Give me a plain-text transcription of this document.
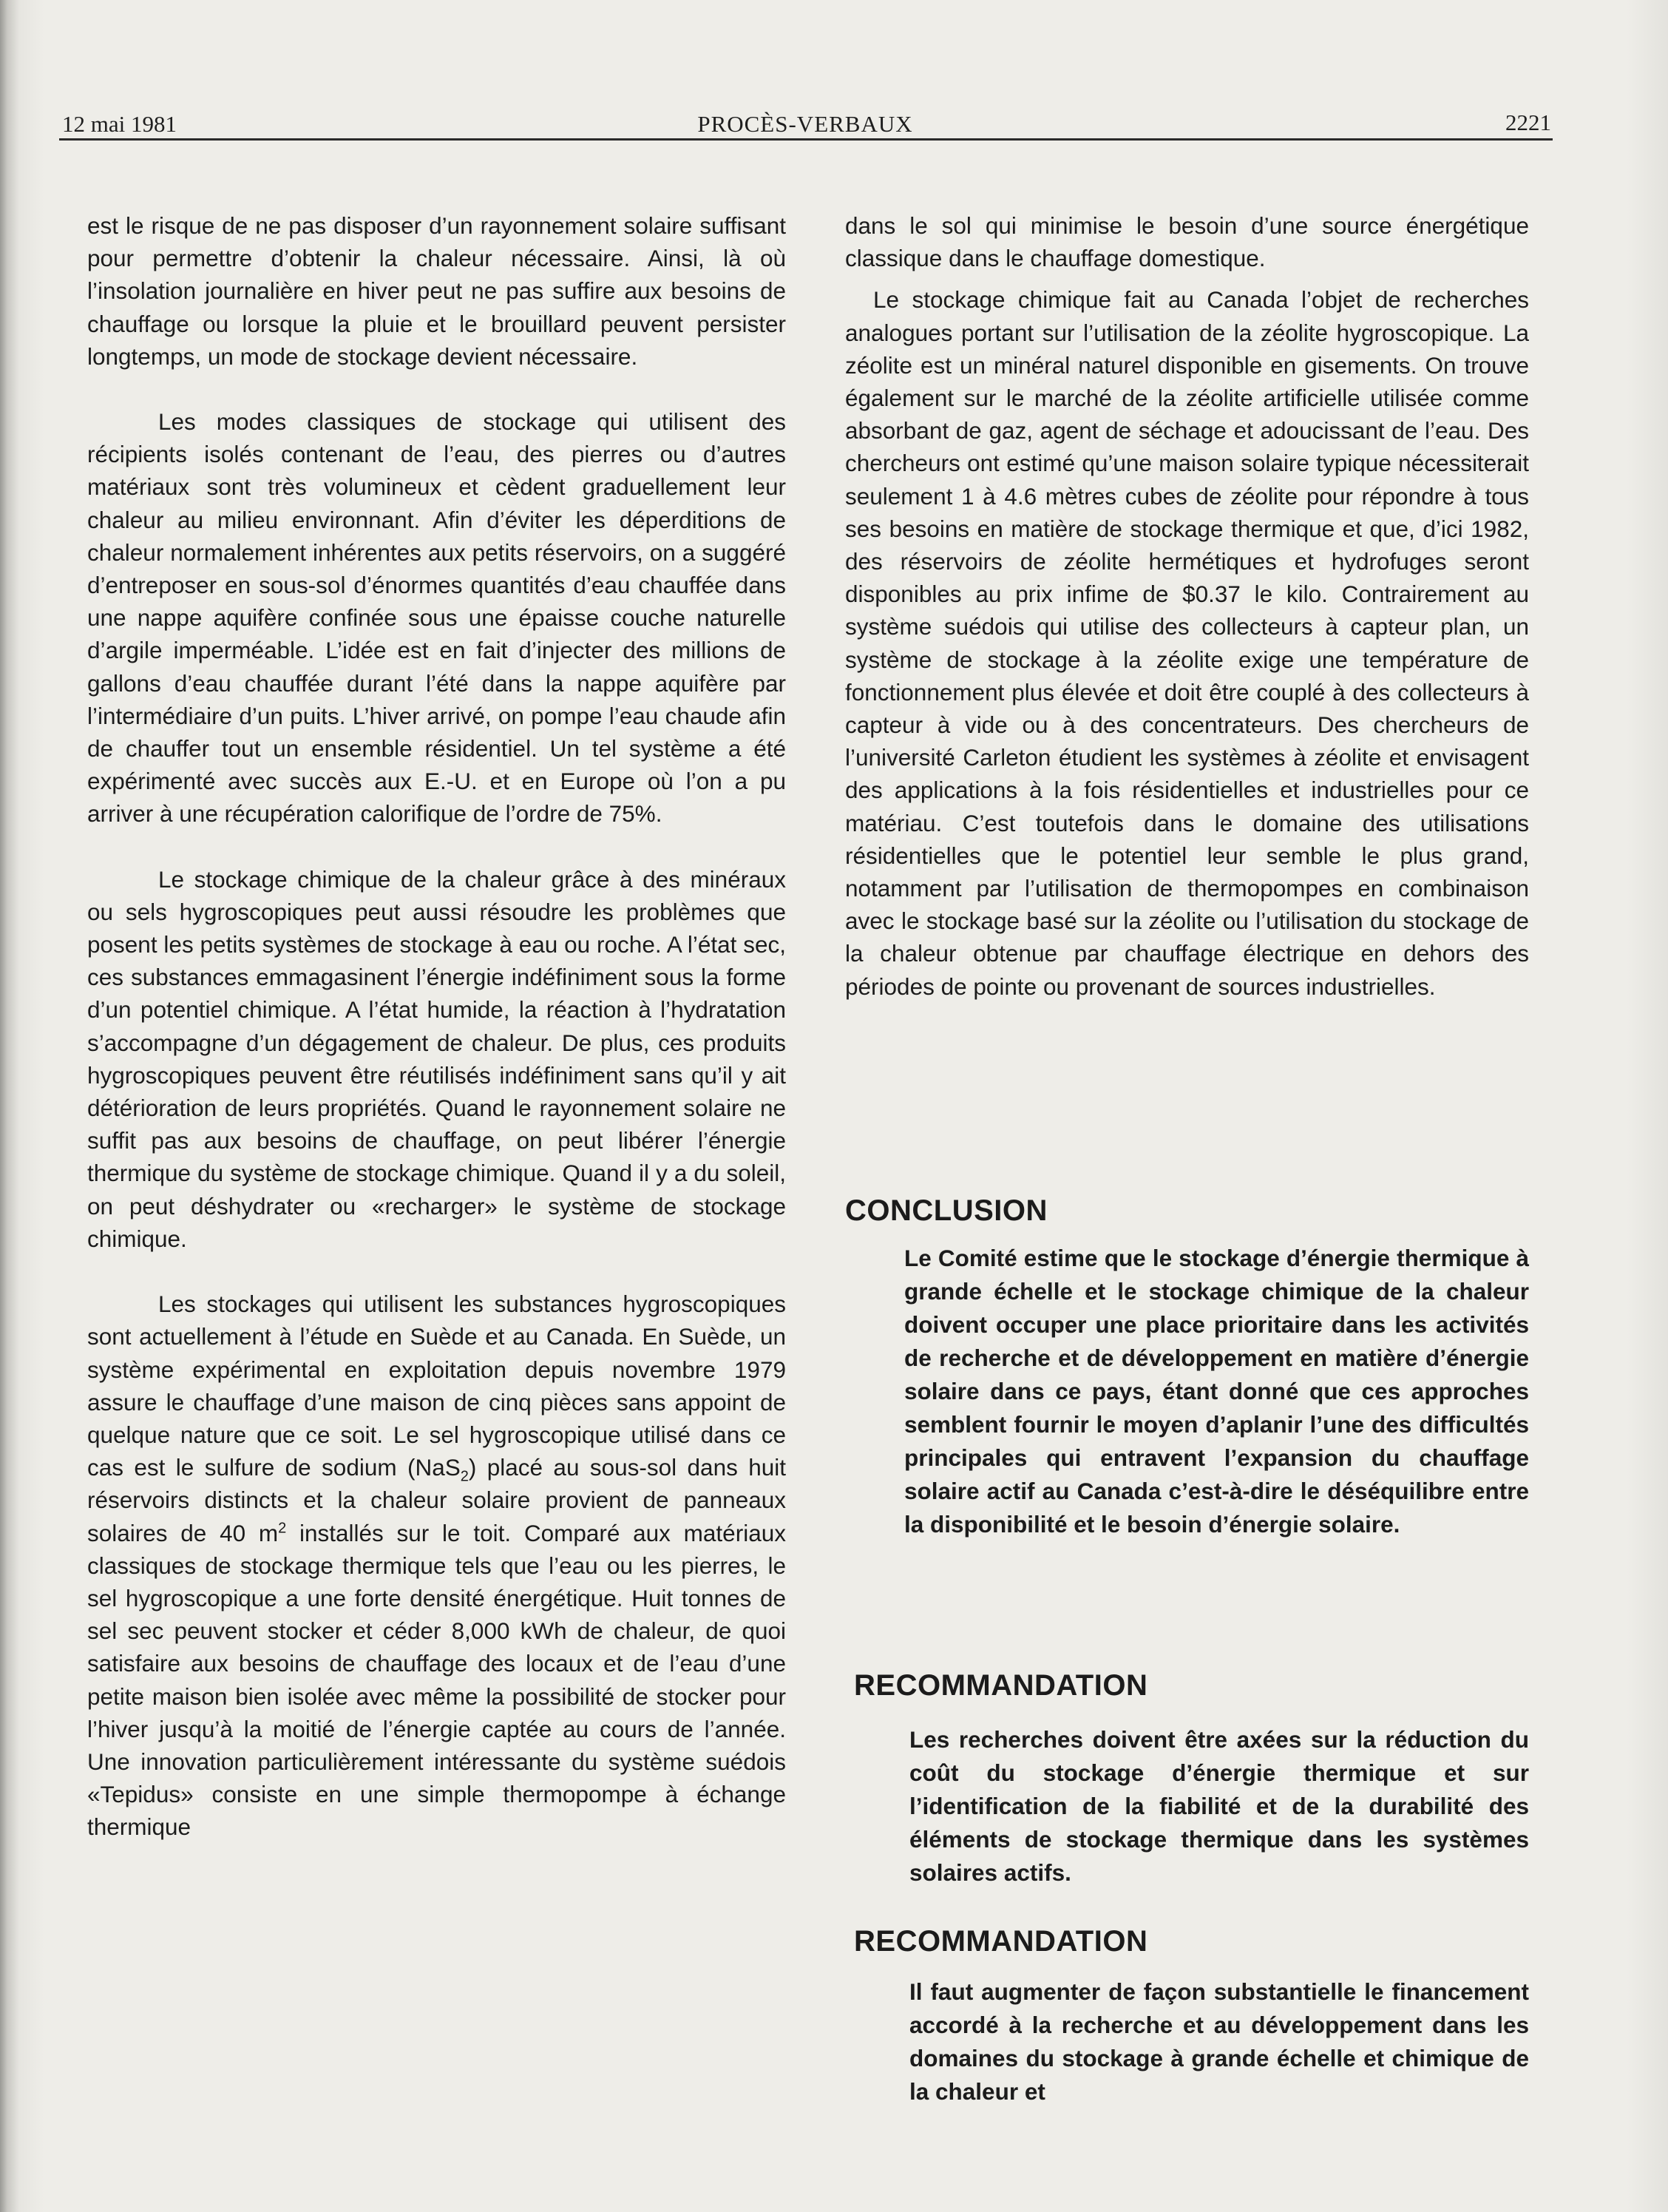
12 mai 1981	PROCÈS-VERBAUX	2221

est le risque de ne pas disposer d’un rayonnement solaire suffisant pour permettre d’obtenir la chaleur nécessaire. Ainsi, là où l’insolation journalière en hiver peut ne pas suffire aux besoins de chauffage ou lorsque la pluie et le brouillard peuvent persister longtemps, un mode de stockage devient nécessaire.

Les modes classiques de stockage qui utilisent des récipients isolés contenant de l’eau, des pierres ou d’autres matériaux sont très volumineux et cèdent graduellement leur chaleur au milieu environnant. Afin d’éviter les déperditions de chaleur normalement inhérentes aux petits réservoirs, on a suggéré d’entreposer en sous-sol d’énormes quantités d’eau chauffée dans une nappe aquifère confinée sous une épaisse couche naturelle d’argile imperméable. L’idée est en fait d’injecter des millions de gallons d’eau chauffée durant l’été dans la nappe aquifère par l’intermédiaire d’un puits. L’hiver arrivé, on pompe l’eau chaude afin de chauffer tout un ensemble résidentiel. Un tel système a été expérimenté avec succès aux E.-U. et en Europe où l’on a pu arriver à une récupération calorifique de l’ordre de 75%.

Le stockage chimique de la chaleur grâce à des minéraux ou sels hygroscopiques peut aussi résoudre les problèmes que posent les petits systèmes de stockage à eau ou roche. A l’état sec, ces substances emmagasinent l’énergie indéfiniment sous la forme d’un potentiel chimique. A l’état humide, la réaction à l’hydratation s’accompagne d’un dégagement de chaleur. De plus, ces produits hygroscopiques peuvent être réutilisés indéfiniment sans qu’il y ait détérioration de leurs propriétés. Quand le rayonnement solaire ne suffit pas aux besoins de chauffage, on peut libérer l’énergie thermique du système de stockage chimique. Quand il y a du soleil, on peut déshydrater ou «recharger» le système de stockage chimique.

Les stockages qui utilisent les substances hygroscopiques sont actuellement à l’étude en Suède et au Canada. En Suède, un système expérimental en exploitation depuis novembre 1979 assure le chauffage d’une maison de cinq pièces sans appoint de quelque nature que ce soit. Le sel hygroscopique utilisé dans ce cas est le sulfure de sodium (NaS$_2$) placé au sous-sol dans huit réservoirs distincts et la chaleur solaire provient de panneaux solaires de 40 $m^2$ installés sur le toit. Comparé aux matériaux classiques de stockage thermique tels que l’eau ou les pierres, le sel hygroscopique a une forte densité énergétique. Huit tonnes de sel sec peuvent stocker et céder 8,000 kWh de chaleur, de quoi satisfaire aux besoins de chauffage des locaux et de l’eau d’une petite maison bien isolée avec même la possibilité de stocker pour l’hiver jusqu’à la moitié de l’énergie captée au cours de l’année. Une innovation particulièrement intéressante du système suédois «Tepidus» consiste en une simple thermopompe à échange thermique

dans le sol qui minimise le besoin d’une source énergétique classique dans le chauffage domestique.

Le stockage chimique fait au Canada l’objet de recherches analogues portant sur l’utilisation de la zéolite hygroscopique. La zéolite est un minéral naturel disponible en gisements. On trouve également sur le marché de la zéolite artificielle utilisée comme absorbant de gaz, agent de séchage et adoucissant de l’eau. Des chercheurs ont estimé qu’une maison solaire typique nécessiterait seulement 1 à 4.6 mètres cubes de zéolite pour répondre à tous ses besoins en matière de stockage thermique et que, d’ici 1982, des réservoirs de zéolite hermétiques et hydrofuges seront disponibles au prix infime de $0.37 le kilo. Contrairement au système suédois qui utilise des collecteurs à capteur plan, un système de stockage à la zéolite exige une température de fonctionnement plus élevée et doit être couplé à des collecteurs à capteur à vide ou à des concentrateurs. Des chercheurs de l’université Carleton étudient les systèmes à zéolite et envisagent des applications à la fois résidentielles et industrielles pour ce matériau. C’est toutefois dans le domaine des utilisations résidentielles que le potentiel leur semble le plus grand, notamment par l’utilisation de thermopompes en combinaison avec le stockage basé sur la zéolite ou l’utilisation du stockage de la chaleur obtenue par chauffage électrique en dehors des périodes de pointe ou provenant de sources industrielles.

CONCLUSION

Le Comité estime que le stockage d’énergie thermique à grande échelle et le stockage chimique de la chaleur doivent occuper une place prioritaire dans les activités de recherche et de développement en matière d’énergie solaire dans ce pays, étant donné que ces approches semblent fournir le moyen d’aplanir l’une des difficultés principales qui entravent l’expansion du chauffage solaire actif au Canada c’est-à-dire le déséquilibre entre la disponibilité et le besoin d’énergie solaire.

RECOMMANDATION

Les recherches doivent être axées sur la réduction du coût du stockage d’énergie thermique et sur l’identification de la fiabilité et de la durabilité des éléments de stockage thermique dans les systèmes solaires actifs.

RECOMMANDATION

Il faut augmenter de façon substantielle le financement accordé à la recherche et au développement dans les domaines du stockage à grande échelle et chimique de la chaleur et
